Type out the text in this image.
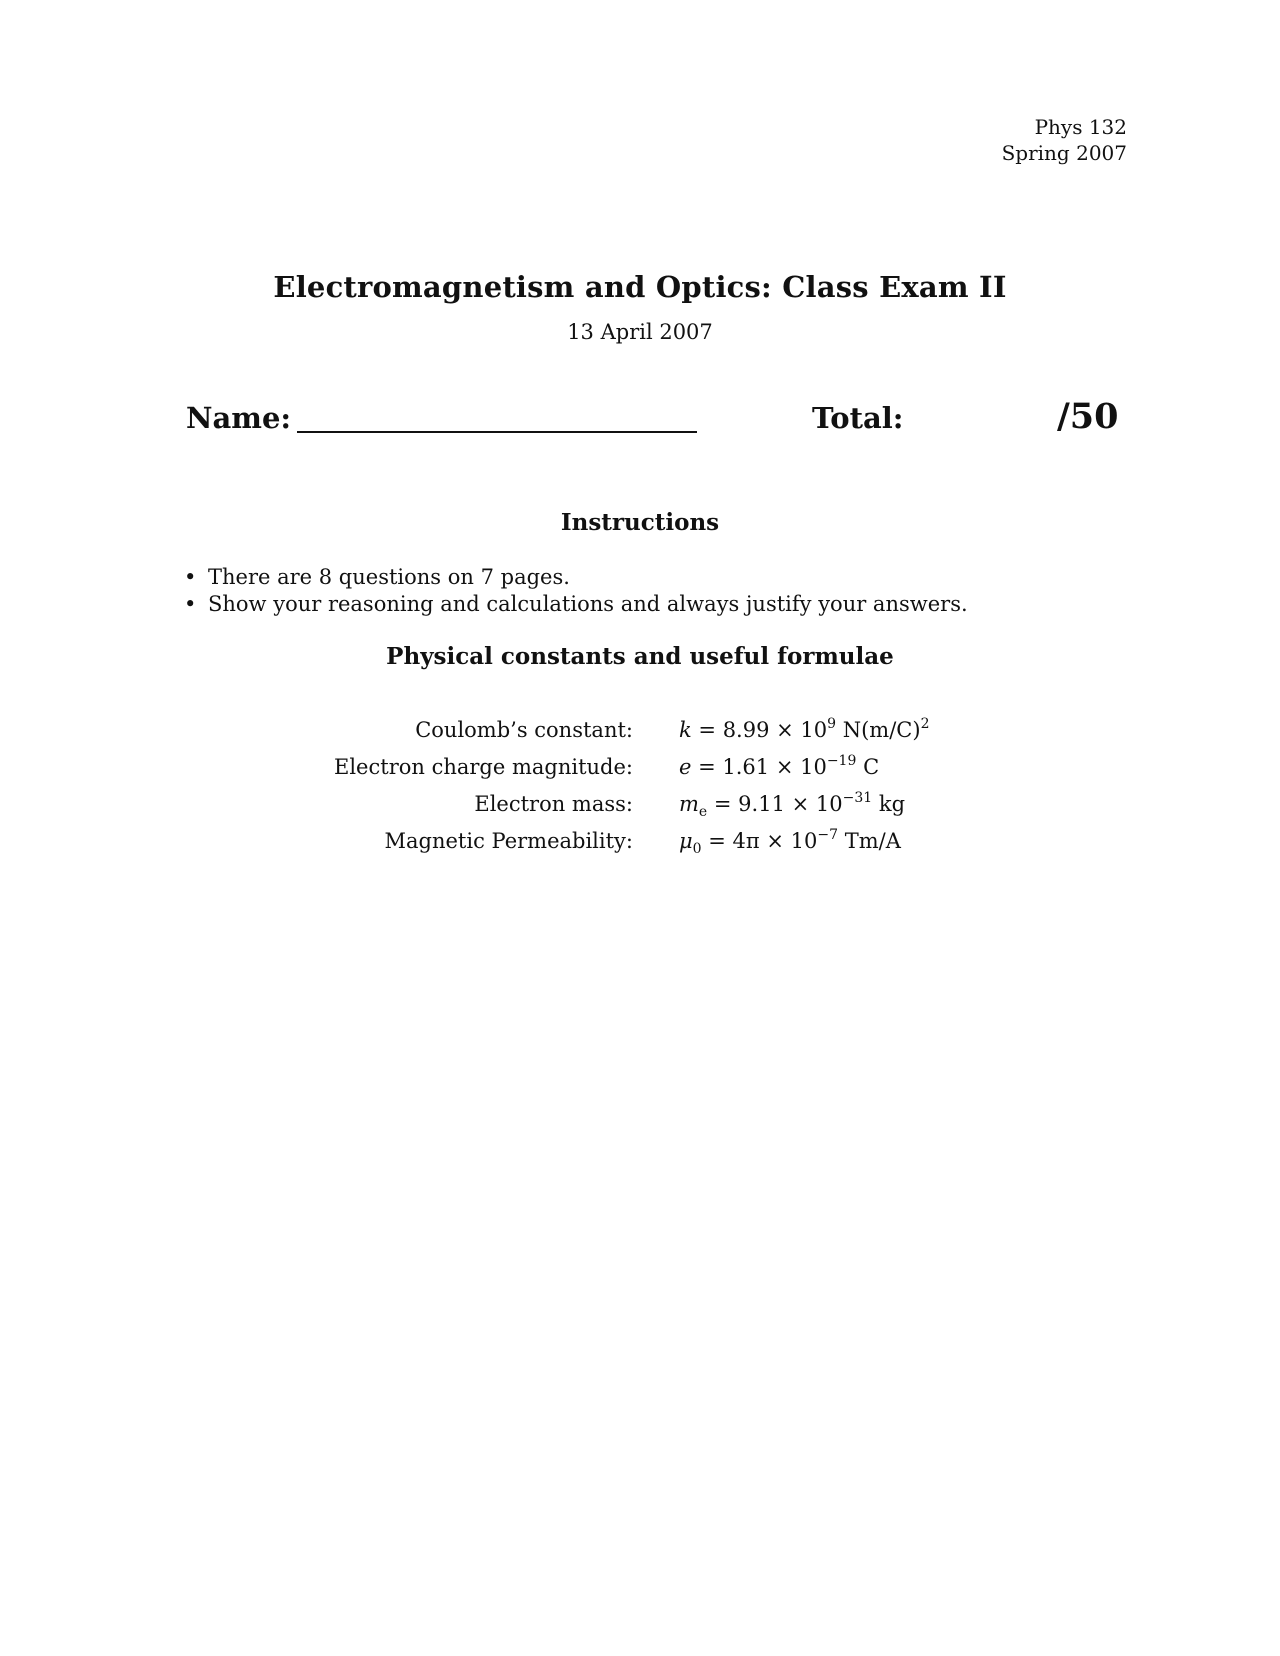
Phys 132
Spring 2007
Electromagnetism and Optics: Class Exam II
13 April 2007
Name:	Total:	/50
Instructions
• There are 8 questions on 7 pages.
• Show your reasoning and calculations and always justify your answers.
Physical constants and useful formulae
Coulomb’s constant: $k = 8.99 \times 10^9$ $N(m/C)^2$
Electron charge magnitude: $e = 1.61 \times 10^{-19}$ C
Electron mass: $m_e = 9.11 \times 10^{-31}$ kg
Magnetic Permeability: $\mu_0 = 4\pi \times 10^{-7}$ Tm/A
